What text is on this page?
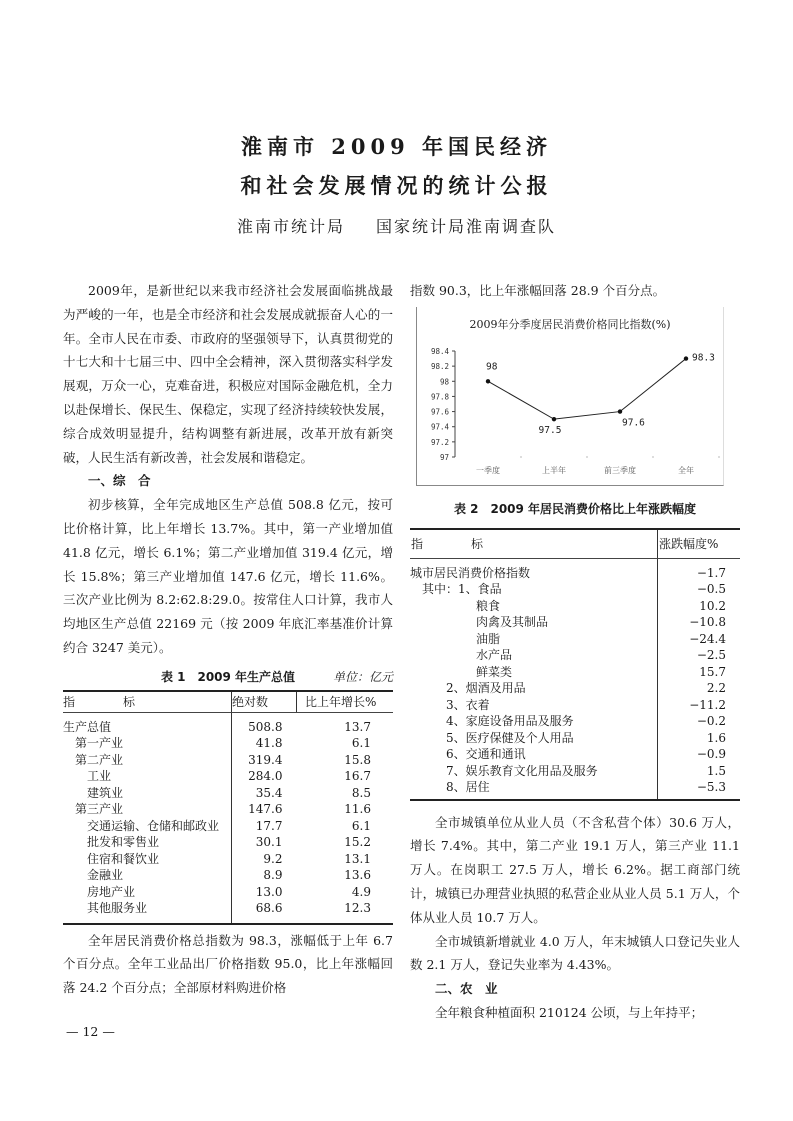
淮南市 2009 年国民经济
和社会发展情况的统计公报
淮南市统计局 国家统计局淮南调查队

2009年，是新世纪以来我市经济社会发展面临挑战最为严峻的一年，也是全市经济和社会发展成就振奋人心的一年。全市人民在市委、市政府的坚强领导下，认真贯彻党的十七大和十七届三中、四中全会精神，深入贯彻落实科学发展观，万众一心，克难奋进，积极应对国际金融危机，全力以赴保增长、保民生、保稳定，实现了经济持续较快发展，综合成效明显提升，结构调整有新进展，改革开放有新突破，人民生活有新改善，社会发展和谐稳定。

一、综　合

初步核算，全年完成地区生产总值 508.8 亿元，按可比价格计算，比上年增长 13.7%。其中，第一产业增加值 41.8 亿元，增长 6.1%；第二产业增加值 319.4 亿元，增长 15.8%；第三产业增加值 147.6 亿元，增长 11.6%。三次产业比例为 8.2:62.8:29.0。按常住人口计算，我市人均地区生产总值 22169 元（按 2009 年底汇率基准价计算约合 3247 美元）。

表 1　2009 年生产总值	单位：亿元
指　　　　标	绝对数	比上年增长%
生产总值	508.8	13.7
第一产业	41.8	6.1
第二产业	319.4	15.8
工业	284.0	16.7
建筑业	35.4	8.5
第三产业	147.6	11.6
交通运输、仓储和邮政业	17.7	6.1
批发和零售业	30.1	15.2
住宿和餐饮业	9.2	13.1
金融业	8.9	13.6
房地产业	13.0	4.9
其他服务业	68.6	12.3

全年居民消费价格总指数为 98.3，涨幅低于上年 6.7 个百分点。全年工业品出厂价格指数 95.0，比上年涨幅回落 24.2 个百分点；全部原材料购进价格

指数 90.3，比上年涨幅回落 28.9 个百分点。

2009年分季度居民消费价格同比指数(%)
97
97.2
97.4
97.6
97.8
98
98.2
98.4
一季度	上半年	前三季度	全年
98
97.5
97.6
98.3
表 2　2009 年居民消费价格比上年涨跌幅度
指　　　　标	涨跌幅度%
城市居民消费价格指数	−1.7
其中：1、食品	−0.5
粮食	10.2
肉禽及其制品	−10.8
油脂	−24.4
水产品	−2.5
鲜菜类	15.7
2、烟酒及用品	2.2
3、衣着	−11.2
4、家庭设备用品及服务	−0.2
5、医疗保健及个人用品	1.6
6、交通和通讯	−0.9
7、娱乐教育文化用品及服务	1.5
8、居住	−5.3

全市城镇单位从业人员（不含私营个体）30.6 万人，增长 7.4%。其中，第二产业 19.1 万人，第三产业 11.1 万人。在岗职工 27.5 万人，增长 6.2%。据工商部门统计，城镇已办理营业执照的私营企业从业人员 5.1 万人，个体从业人员 10.7 万人。

全市城镇新增就业 4.0 万人，年末城镇人口登记失业人数 2.1 万人，登记失业率为 4.43%。

二、农　业

全年粮食种植面积 210124 公顷，与上年持平；

— 12 —
